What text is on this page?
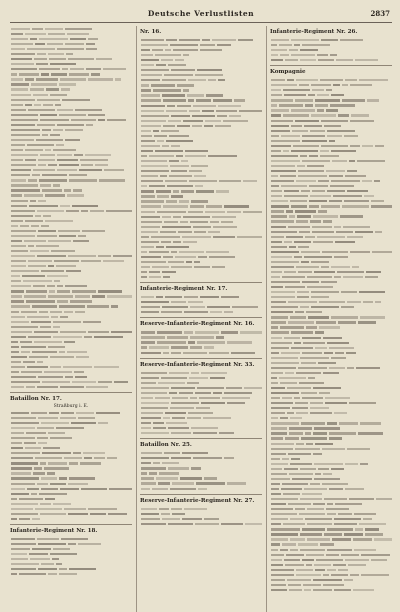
Deutsche Verlustlisten	2837
Bataillon Nr. 17.
Straßburg i. E.
Infanterie-Regiment Nr. 18.
Nr. 16.
Infanterie-Regiment Nr. 17.
Reserve-Infanterie-Regiment Nr. 16.
Reserve-Infanterie-Regiment Nr. 33.
Bataillon Nr. 25.
Reserve-Infanterie-Regiment Nr. 27.
Infanterie-Regiment Nr. 26.
Kompagnie
